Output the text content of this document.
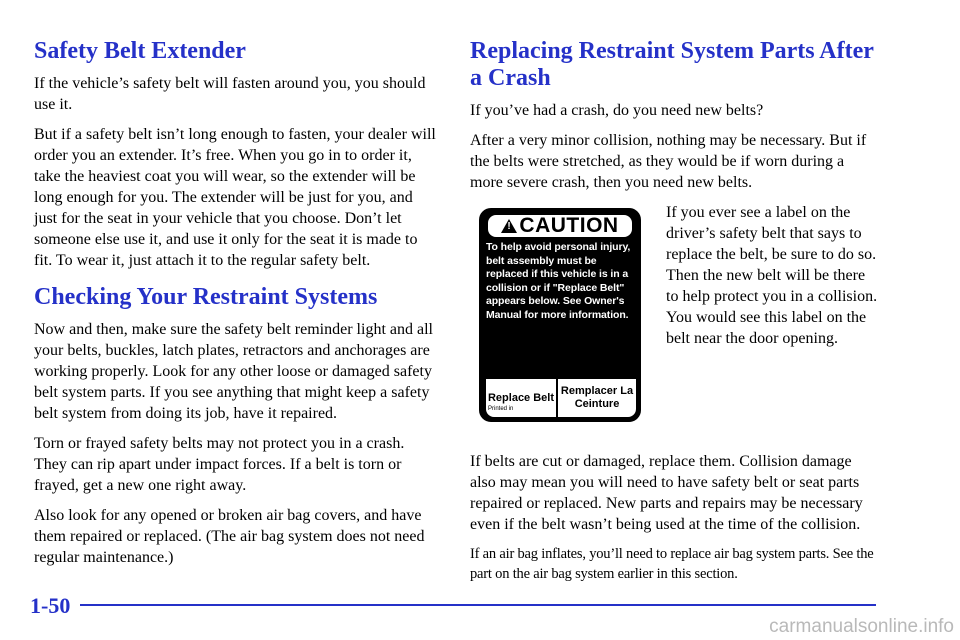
Safety Belt Extender

If the vehicle’s safety belt will fasten around you, you should use it.

But if a safety belt isn’t long enough to fasten, your dealer will order you an extender. It’s free. When you go in to order it, take the heaviest coat you will wear, so the extender will be long enough for you. The extender will be just for you, and just for the seat in your vehicle that you choose. Don’t let someone else use it, and use it only for the seat it is made to fit. To wear it, just attach it to the regular safety belt.

Checking Your Restraint Systems

Now and then, make sure the safety belt reminder light and all your belts, buckles, latch plates, retractors and anchorages are working properly. Look for any other loose or damaged safety belt system parts. If you see anything that might keep a safety belt system from doing its job, have it repaired.

Torn or frayed safety belts may not protect you in a crash. They can rip apart under impact forces. If a belt is torn or frayed, get a new one right away.

Also look for any opened or broken air bag covers, and have them repaired or replaced. (The air bag system does not need regular maintenance.)

Replacing Restraint System Parts After a Crash

If you’ve had a crash, do you need new belts?

After a very minor collision, nothing may be necessary. But if the belts were stretched, as they would be if worn during a more severe crash, then you need new belts.

! CAUTION
To help avoid personal injury, belt assembly must be replaced if this vehicle is in a collision or if "Replace Belt" appears below. See Owner's Manual for more information.
Replace Belt
Printed in
Remplacer La Ceinture
If you ever see a label on the driver’s safety belt that says to replace the belt, be sure to do so. Then the new belt will be there to help protect you in a collision. You would see this label on the belt near the door opening.

If belts are cut or damaged, replace them. Collision damage also may mean you will need to have safety belt or seat parts repaired or replaced. New parts and repairs may be necessary even if the belt wasn’t being used at the time of the collision.

If an air bag inflates, you’ll need to replace air bag system parts. See the part on the air bag system earlier in this section.

1-50
carmanualsonline.info
